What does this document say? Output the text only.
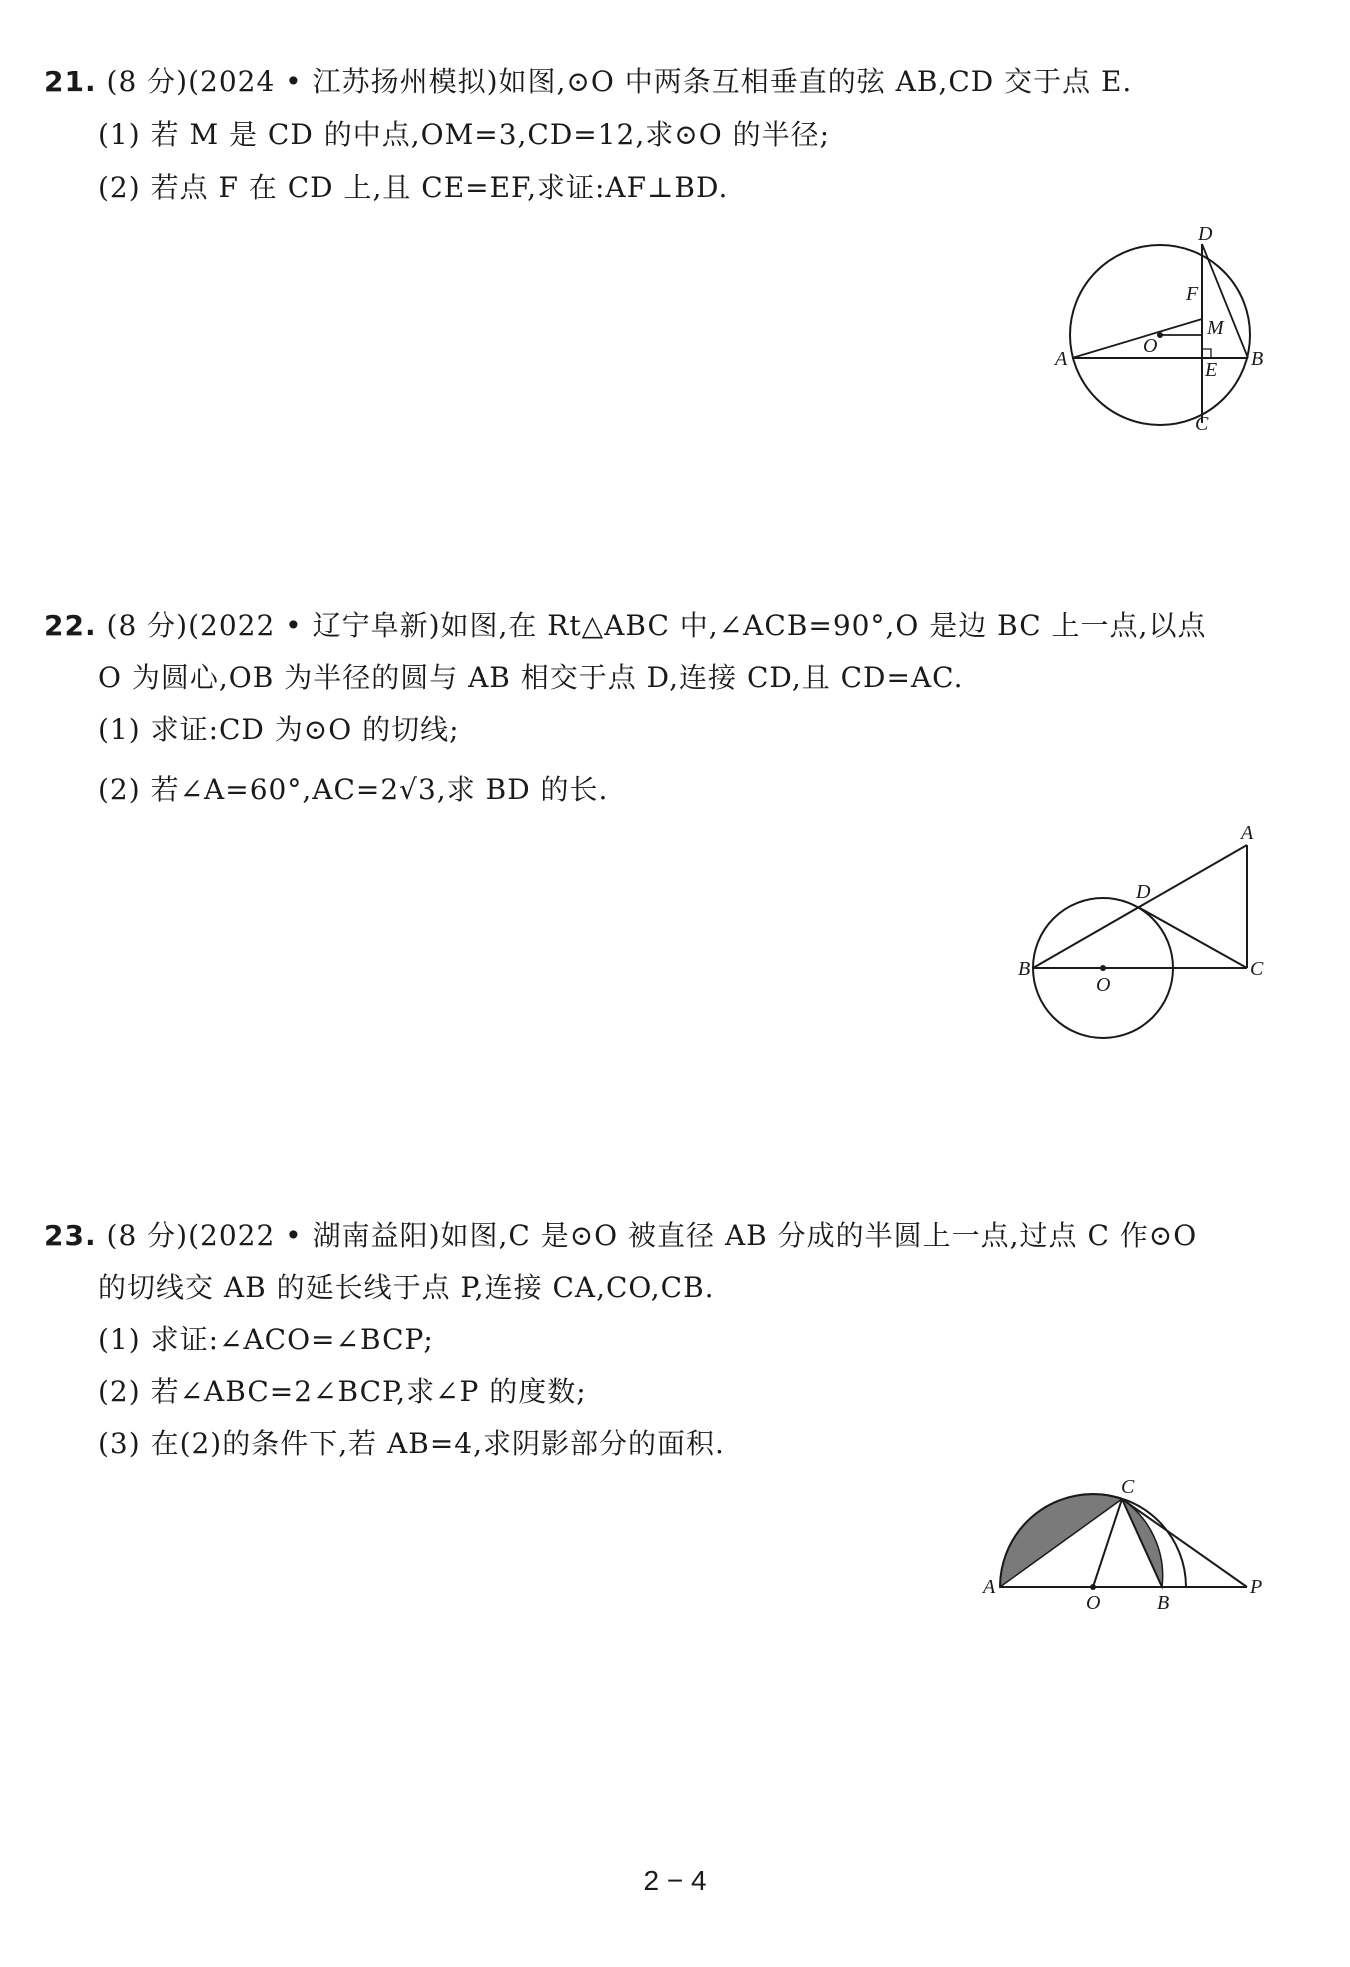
21. (8 分)(2024 • 江苏扬州模拟)如图,⊙O 中两条互相垂直的弦 AB,CD 交于点 E.
(1) 若 M 是 CD 的中点,OM=3,CD=12,求⊙O 的半径;
(2) 若点 F 在 CD 上,且 CE=EF,求证:AF⊥BD.
D
F
M
O
A	E B
C
22. (8 分)(2022 • 辽宁阜新)如图,在 Rt△ABC 中,∠ACB=90°,O 是边 BC 上一点,以点
O 为圆心,OB 为半径的圆与 AB 相交于点 D,连接 CD,且 CD=AC.
(1) 求证:CD 为⊙O 的切线;
(2) 若∠A=60°,AC=2√3,求 BD 的长.
A
D
B
O
C
23. (8 分)(2022 • 湖南益阳)如图,C 是⊙O 被直径 AB 分成的半圆上一点,过点 C 作⊙O
的切线交 AB 的延长线于点 P,连接 CA,CO,CB.
(1) 求证:∠ACO=∠BCP;
(2) 若∠ABC=2∠BCP,求∠P 的度数;
(3) 在(2)的条件下,若 AB=4,求阴影部分的面积.
C
A
O	B
P
2 − 4
